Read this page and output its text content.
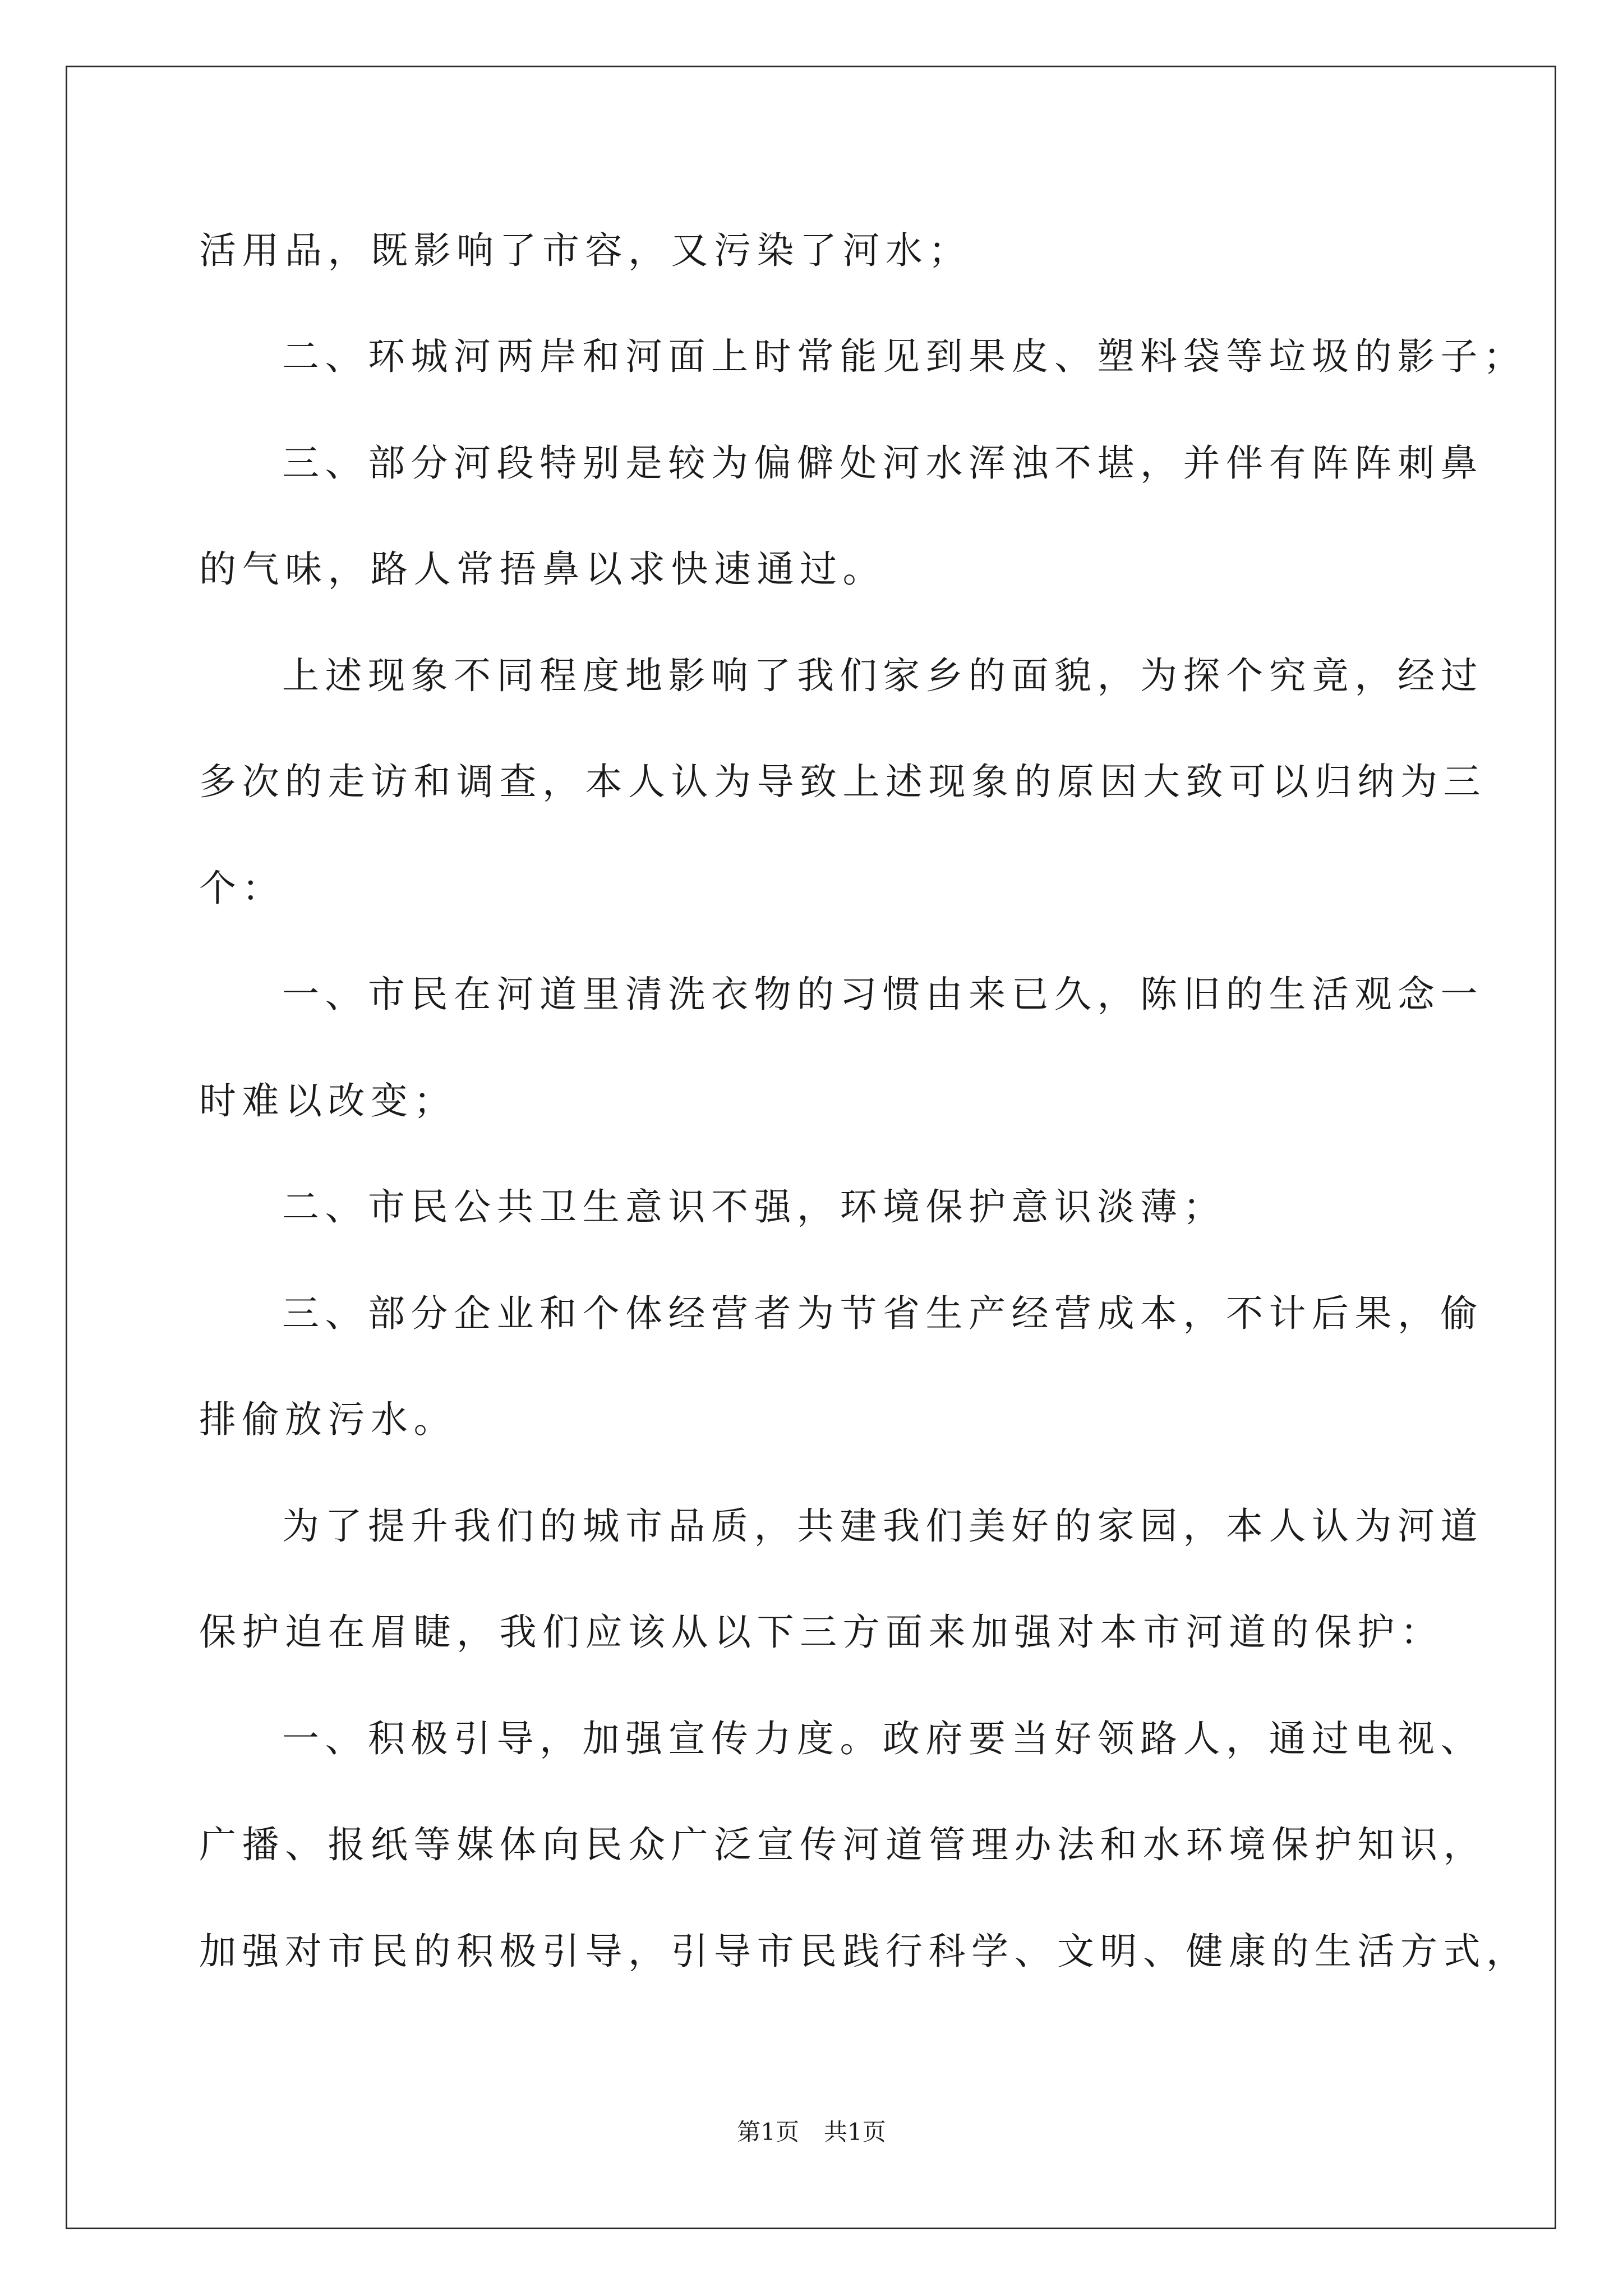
活用品，既影响了市容，又污染了河水；
二、环城河两岸和河面上时常能见到果皮、塑料袋等垃圾的影子；
三、部分河段特别是较为偏僻处河水浑浊不堪，并伴有阵阵刺鼻
的气味，路人常捂鼻以求快速通过。
上述现象不同程度地影响了我们家乡的面貌，为探个究竟，经过
多次的走访和调查，本人认为导致上述现象的原因大致可以归纳为三
个：
一、市民在河道里清洗衣物的习惯由来已久，陈旧的生活观念一
时难以改变；
二、市民公共卫生意识不强，环境保护意识淡薄；
三、部分企业和个体经营者为节省生产经营成本，不计后果，偷
排偷放污水。
为了提升我们的城市品质，共建我们美好的家园，本人认为河道
保护迫在眉睫，我们应该从以下三方面来加强对本市河道的保护：
一、积极引导，加强宣传力度。政府要当好领路人，通过电视、
广播、报纸等媒体向民众广泛宣传河道管理办法和水环境保护知识，
加强对市民的积极引导，引导市民践行科学、文明、健康的生活方式，
第1页 共1页
